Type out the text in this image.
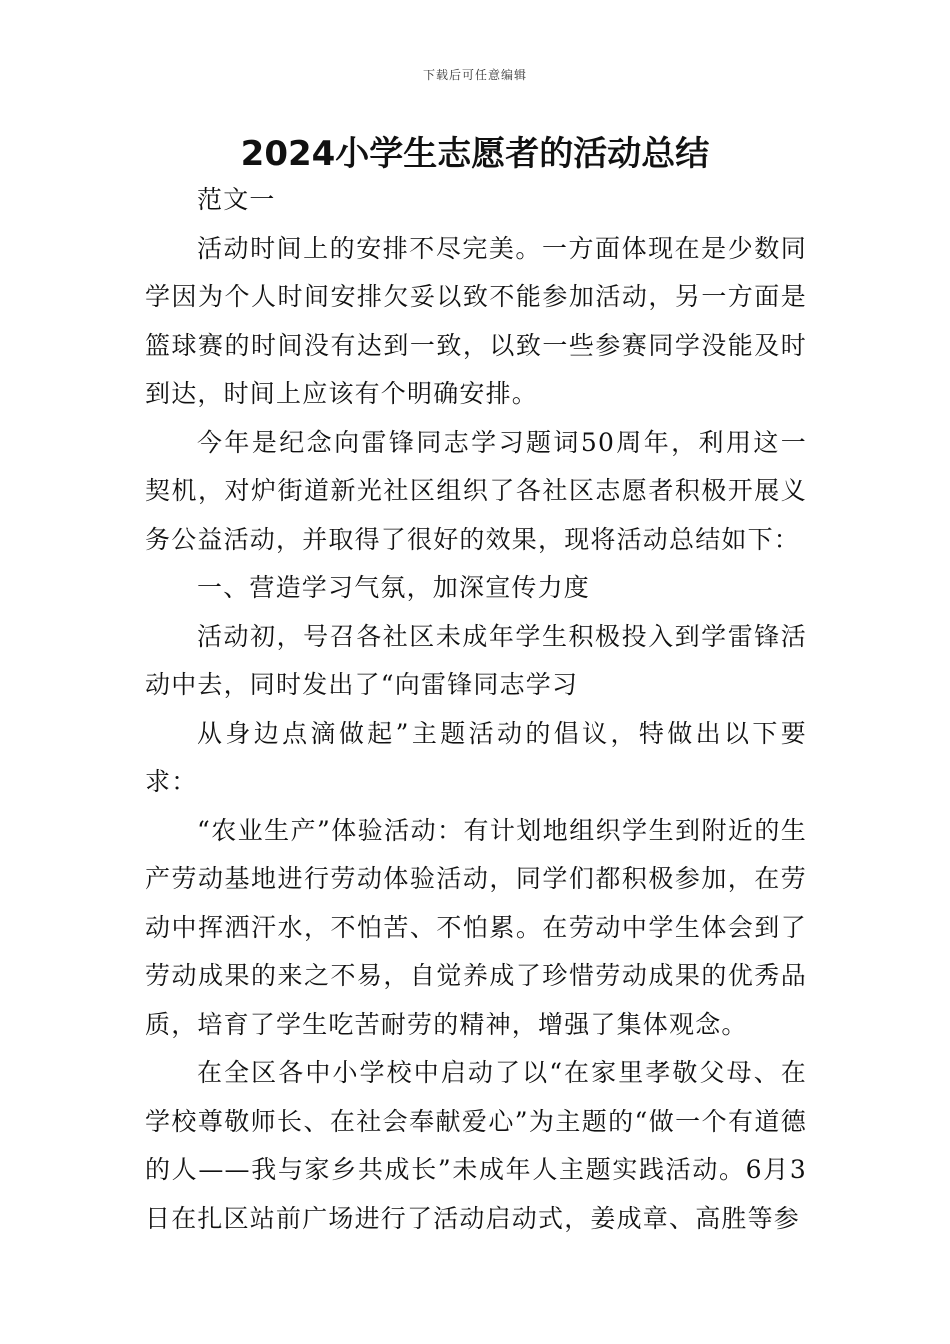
下载后可任意编辑
2024小学生志愿者的活动总结

范文一

活动时间上的安排不尽完美。一方面体现在是少数同学因为个人时间安排欠妥以致不能参加活动，另一方面是篮球赛的时间没有达到一致，以致一些参赛同学没能及时到达，时间上应该有个明确安排。

今年是纪念向雷锋同志学习题词50周年，利用这一契机，对炉街道新光社区组织了各社区志愿者积极开展义务公益活动，并取得了很好的效果，现将活动总结如下：

一、营造学习气氛，加深宣传力度

活动初，号召各社区未成年学生积极投入到学雷锋活动中去，同时发出了“向雷锋同志学习

从身边点滴做起”主题活动的倡议，特做出以下要求：

“农业生产”体验活动：有计划地组织学生到附近的生产劳动基地进行劳动体验活动，同学们都积极参加，在劳动中挥洒汗水，不怕苦、不怕累。在劳动中学生体会到了劳动成果的来之不易，自觉养成了珍惜劳动成果的优秀品质，培育了学生吃苦耐劳的精神，增强了集体观念。

在全区各中小学校中启动了以“在家里孝敬父母、在学校尊敬师长、在社会奉献爱心”为主题的“做一个有道德的人——我与家乡共成长”未成年人主题实践活动。6月3日在扎区站前广场进行了活动启动式，姜成章、高胜等参
